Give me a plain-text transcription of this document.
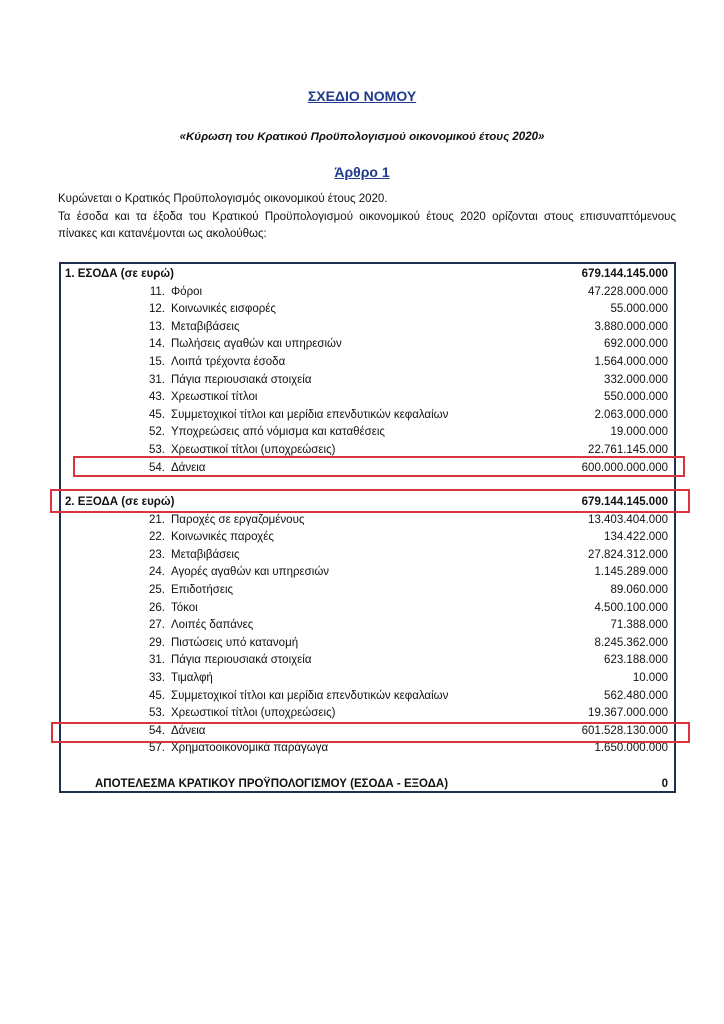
ΣΧΕΔΙΟ ΝΟΜΟΥ
«Κύρωση του Κρατικού Προϋπολογισμού οικονομικού έτους 2020»
Άρθρο 1
Κυρώνεται ο Κρατικός Προϋπολογισμός οικονομικού έτους 2020.
Τα έσοδα και τα έξοδα του Κρατικού Προϋπολογισμού οικονομικού έτους 2020 ορίζονται στους επισυναπτόμενους πίνακες και κατανέμονται ως ακολούθως:
1. ΕΣΟΔΑ (σε ευρώ)	679.144.145.000
11. Φόροι	47.228.000.000
12. Κοινωνικές εισφορές	55.000.000
13. Μεταβιβάσεις	3.880.000.000
14. Πωλήσεις αγαθών και υπηρεσιών	692.000.000
15. Λοιπά τρέχοντα έσοδα	1.564.000.000
31. Πάγια περιουσιακά στοιχεία	332.000.000
43. Χρεωστικοί τίτλοι	550.000.000
45. Συμμετοχικοί τίτλοι και μερίδια επενδυτικών κεφαλαίων	2.063.000.000
52. Υποχρεώσεις από νόμισμα και καταθέσεις	19.000.000
53. Χρεωστικοί τίτλοι (υποχρεώσεις)	22.761.145.000
54. Δάνεια	600.000.000.000
2. ΕΞΟΔΑ (σε ευρώ)	679.144.145.000
21. Παροχές σε εργαζομένους	13.403.404.000
22. Κοινωνικές παροχές	134.422.000
23. Μεταβιβάσεις	27.824.312.000
24. Αγορές αγαθών και υπηρεσιών	1.145.289.000
25. Επιδοτήσεις	89.060.000
26. Τόκοι	4.500.100.000
27. Λοιπές δαπάνες	71.388.000
29. Πιστώσεις υπό κατανομή	8.245.362.000
31. Πάγια περιουσιακά στοιχεία	623.188.000
33. Τιμαλφή	10.000
45. Συμμετοχικοί τίτλοι και μερίδια επενδυτικών κεφαλαίων	562.480.000
53. Χρεωστικοί τίτλοι (υποχρεώσεις)	19.367.000.000
54. Δάνεια	601.528.130.000
57. Χρηματοοικονομικά παράγωγα	1.650.000.000
ΑΠΟΤΕΛΕΣΜΑ ΚΡΑΤΙΚΟΥ ΠΡΟΫΠΟΛΟΓΙΣΜΟΥ (ΕΣΟΔΑ - ΕΞΟΔΑ)	0
